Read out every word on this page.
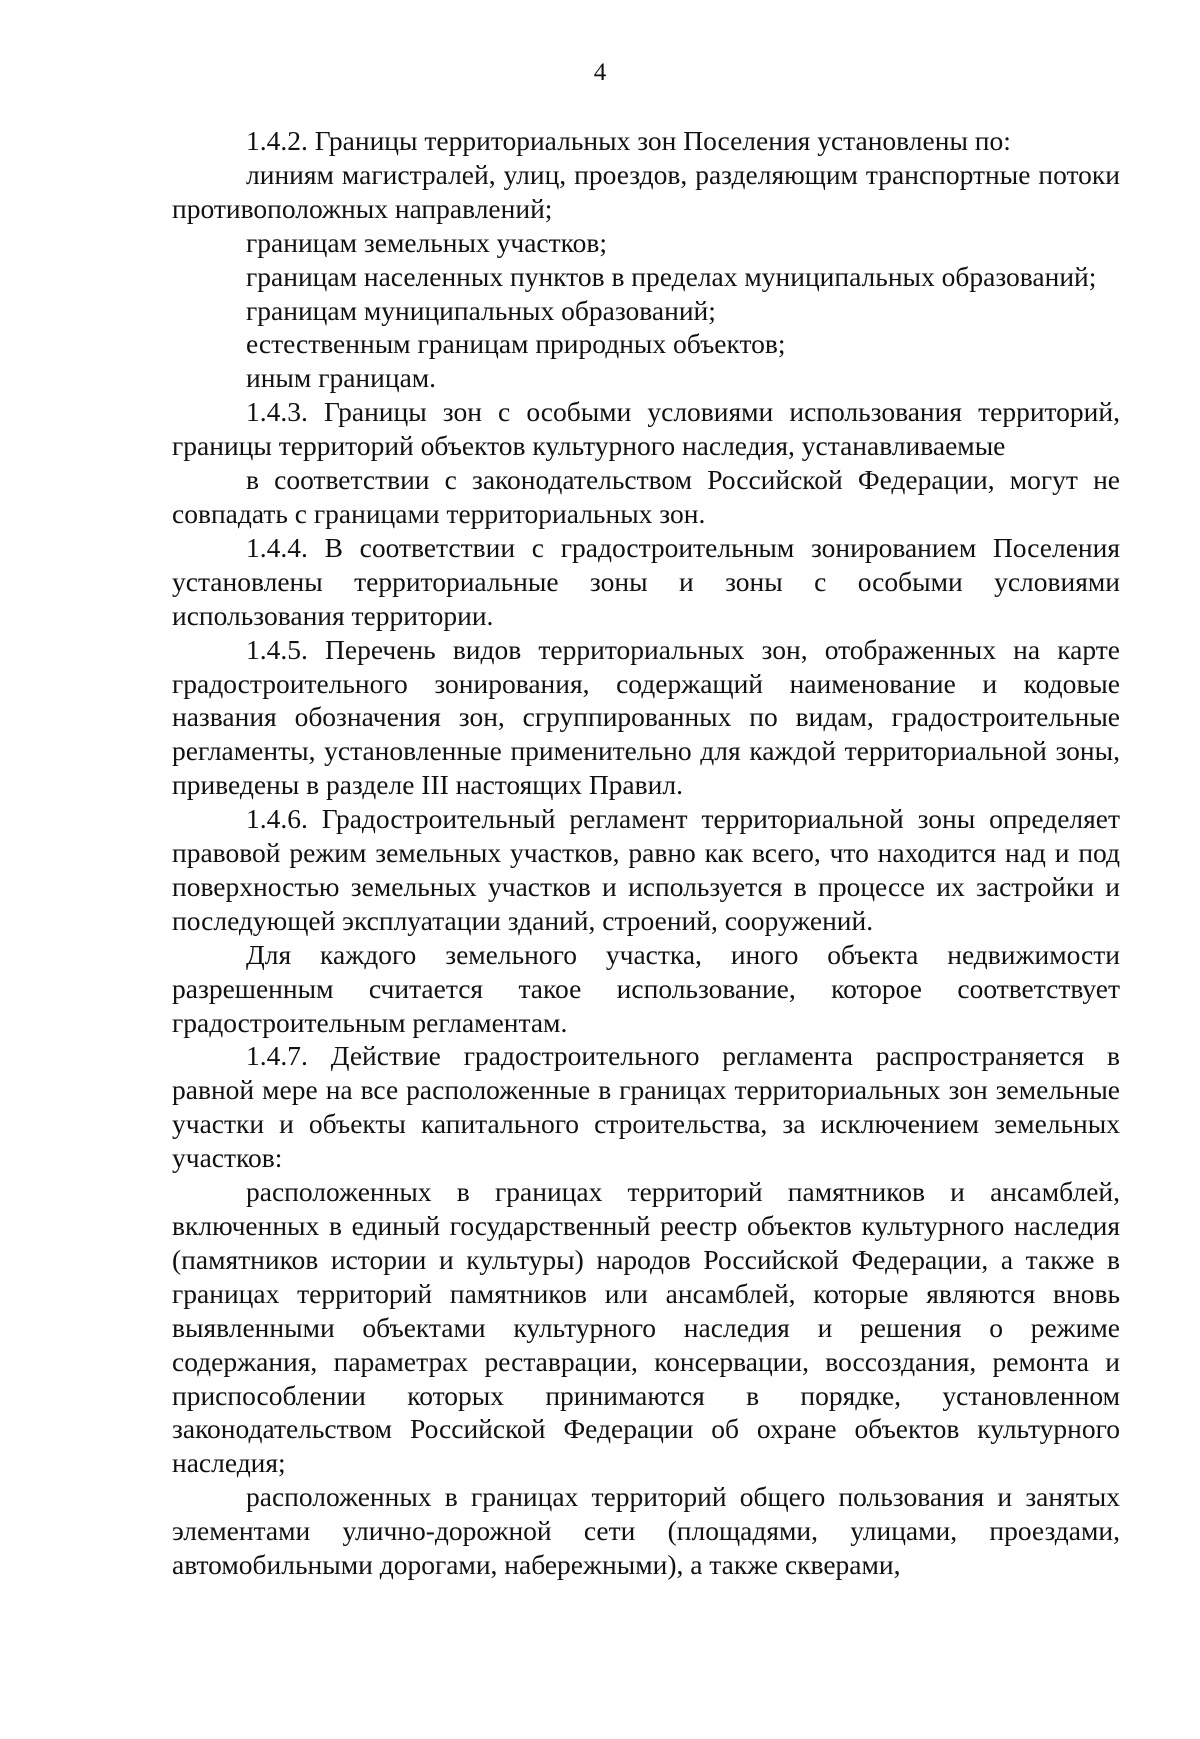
4

1.4.2. Границы территориальных зон Поселения установлены по:

линиям магистралей, улиц, проездов, разделяющим транспортные потоки противоположных направлений;

границам земельных участков;

границам населенных пунктов в пределах муниципальных образований;

границам муниципальных образований;

естественным границам природных объектов;

иным границам.

1.4.3. Границы зон с особыми условиями использования территорий, границы территорий объектов культурного наследия, устанавливаемые

в соответствии с законодательством Российской Федерации, могут не совпадать с границами территориальных зон.

1.4.4. В соответствии с градостроительным зонированием Поселения установлены территориальные зоны и зоны с особыми условиями использования территории.

1.4.5. Перечень видов территориальных зон, отображенных на карте градостроительного зонирования, содержащий наименование и кодовые названия обозначения зон, сгруппированных по видам, градостроительные регламенты, установленные применительно для каждой территориальной зоны, приведены в разделе III настоящих Правил.

1.4.6. Градостроительный регламент территориальной зоны определяет правовой режим земельных участков, равно как всего, что находится над и под поверхностью земельных участков и используется в процессе их застройки и последующей эксплуатации зданий, строений, сооружений.

Для каждого земельного участка, иного объекта недвижимости разрешенным считается такое использование, которое соответствует градостроительным регламентам.

1.4.7. Действие градостроительного регламента распространяется в равной мере на все расположенные в границах территориальных зон земельные участки и объекты капитального строительства, за исключением земельных участков:

расположенных в границах территорий памятников и ансамблей, включенных в единый государственный реестр объектов культурного наследия (памятников истории и культуры) народов Российской Федерации, а также в границах территорий памятников или ансамблей, которые являются вновь выявленными объектами культурного наследия и решения о режиме содержания, параметрах реставрации, консервации, воссоздания, ремонта и приспособлении которых принимаются в порядке, установленном законодательством Российской Федерации об охране объектов культурного наследия;

расположенных в границах территорий общего пользования и занятых элементами улично-дорожной сети (площадями, улицами, проездами, автомобильными дорогами, набережными), а также скверами,
